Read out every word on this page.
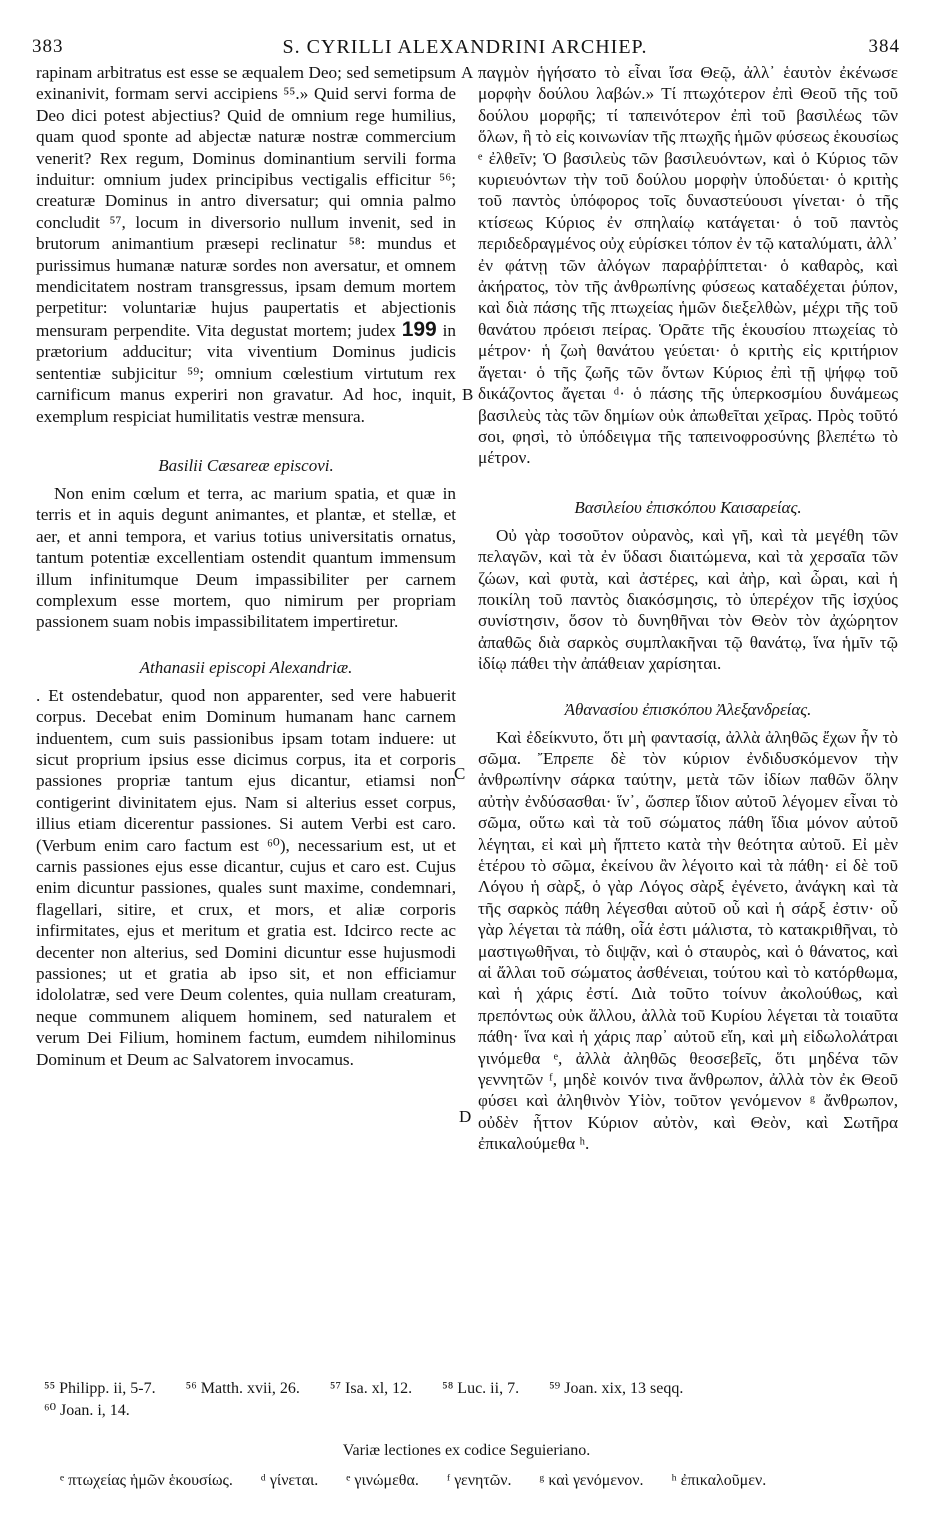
383	S. CYRILLI ALEXANDRINI ARCHIEP.	384
A
B
C
D

rapinam arbitratus est esse se æqualem Deo; sed semetipsum exinanivit, formam servi accipiens ⁵⁵.» Quid servi forma de Deo dici potest abjectius? Quid de omnium rege humilius, quam quod sponte ad abjectæ naturæ nostræ commercium venerit? Rex regum, Dominus dominantium servili forma induitur: omnium judex principibus vectigalis efficitur ⁵⁶; creaturæ Dominus in antro diversatur; qui omnia palmo concludit ⁵⁷, locum in diversorio nullum invenit, sed in brutorum animantium præsepi reclinatur ⁵⁸: mundus et purissimus humanæ naturæ sordes non aversatur, et omnem mendicitatem nostram transgressus, ipsam demum mortem perpetitur: voluntariæ hujus paupertatis et abjectionis mensuram perpendite. Vita degustat mortem; judex 199 in prætorium adducitur; vita viventium Dominus judicis sententiæ subjicitur ⁵⁹; omnium cœlestium virtutum rex carnificum manus experiri non gravatur. Ad hoc, inquit, exemplum respiciat humilitatis vestræ mensura.

Basilii Cæsareæ episcovi.

Non enim cœlum et terra, ac marium spatia, et quæ in terris et in aquis degunt animantes, et plantæ, et stellæ, et aer, et anni tempora, et varius totius universitatis ornatus, tantum potentiæ excellentiam ostendit quantum immensum illum infinitumque Deum impassibiliter per carnem complexum esse mortem, quo nimirum per propriam passionem suam nobis impassibilitatem impertiretur.

Athanasii episcopi Alexandriæ.

. Et ostendebatur, quod non apparenter, sed vere habuerit corpus. Decebat enim Dominum humanam hanc carnem induentem, cum suis passionibus ipsam totam induere: ut sicut proprium ipsius esse dicimus corpus, ita et corporis passiones propriæ tantum ejus dicantur, etiamsi non contigerint divinitatem ejus. Nam si alterius esset corpus, illius etiam dicerentur passiones. Si autem Verbi est caro. (Verbum enim caro factum est ⁶⁰), necessarium est, ut et carnis passiones ejus esse dicantur, cujus et caro est. Cujus enim dicuntur passiones, quales sunt maxime, condemnari, flagellari, sitire, et crux, et mors, et aliæ corporis infirmitates, ejus et meritum et gratia est. Idcirco recte ac decenter non alterius, sed Domini dicuntur esse hujusmodi passiones; ut et gratia ab ipso sit, et non efficiamur idololatræ, sed vere Deum colentes, quia nullam creaturam, neque communem aliquem hominem, sed naturalem et verum Dei Filium, hominem factum, eumdem nihilominus Dominum et Deum ac Salvatorem invocamus.

παγμὸν ἡγήσατο τὸ εἶναι ἴσα Θεῷ, ἀλλ᾽ ἑαυτὸν ἐκένωσε μορφὴν δούλου λαβών.» Τί πτωχότερον ἐπὶ Θεοῦ τῆς τοῦ δούλου μορφῆς; τί ταπεινότερον ἐπὶ τοῦ βασιλέως τῶν ὅλων, ἢ τὸ εἰς κοινωνίαν τῆς πτωχῆς ἡμῶν φύσεως ἑκουσίως ᵉ ἐλθεῖν; Ὁ βασιλεὺς τῶν βασιλευόντων, καὶ ὁ Κύριος τῶν κυριευόντων τὴν τοῦ δούλου μορφὴν ὑποδύεται· ὁ κριτὴς τοῦ παντὸς ὑπόφορος τοῖς δυναστεύουσι γίνεται· ὁ τῆς κτίσεως Κύριος ἐν σπηλαίῳ κατάγεται· ὁ τοῦ παντὸς περιδεδραγμένος οὐχ εὑρίσκει τόπον ἐν τῷ καταλύματι, ἀλλ᾽ ἐν φάτνῃ τῶν ἀλόγων παραῤῥίπτεται· ὁ καθαρὸς, καὶ ἀκήρατος, τὸν τῆς ἀνθρωπίνης φύσεως καταδέχεται ῥύπον, καὶ διὰ πάσης τῆς πτωχείας ἡμῶν διεξελθὼν, μέχρι τῆς τοῦ θανάτου πρόεισι πείρας. Ὁρᾶτε τῆς ἑκουσίου πτωχείας τὸ μέτρον· ἡ ζωὴ θανάτου γεύεται· ὁ κριτὴς εἰς κριτήριον ἄγεται· ὁ τῆς ζωῆς τῶν ὄντων Κύριος ἐπὶ τῇ ψήφῳ τοῦ δικάζοντος ἄγεται ᵈ· ὁ πάσης τῆς ὑπερκοσμίου δυνάμεως βασιλεὺς τὰς τῶν δημίων οὐκ ἀπωθεῖται χεῖρας. Πρὸς τοῦτό σοι, φησὶ, τὸ ὑπόδειγμα τῆς ταπεινοφροσύνης βλεπέτω τὸ μέτρον.

Βασιλείου ἐπισκόπου Καισαρείας.

Οὐ γὰρ τοσοῦτον οὐρανὸς, καὶ γῆ, καὶ τὰ μεγέθη τῶν πελαγῶν, καὶ τὰ ἐν ὕδασι διαιτώμενα, καὶ τὰ χερσαῖα τῶν ζώων, καὶ φυτὰ, καὶ ἀστέρες, καὶ ἀὴρ, καὶ ὧραι, καὶ ἡ ποικίλη τοῦ παντὸς διακόσμησις, τὸ ὑπερέχον τῆς ἰσχύος συνίστησιν, ὅσον τὸ δυνηθῆναι τὸν Θεὸν τὸν ἀχώρητον ἀπαθῶς διὰ σαρκὸς συμπλακῆναι τῷ θανάτῳ, ἵνα ἡμῖν τῷ ἰδίῳ πάθει τὴν ἀπάθειαν χαρίσηται.

Ἀθανασίου ἐπισκόπου Ἀλεξανδρείας.

Καὶ ἐδείκνυτο, ὅτι μὴ φαντασίᾳ, ἀλλὰ ἀληθῶς ἔχων ἦν τὸ σῶμα. Ἔπρεπε δὲ τὸν κύριον ἐνδιδυσκόμενον τὴν ἀνθρωπίνην σάρκα ταύτην, μετὰ τῶν ἰδίων παθῶν ὅλην αὐτὴν ἐνδύσασθαι· ἵν᾽, ὥσπερ ἴδιον αὐτοῦ λέγομεν εἶναι τὸ σῶμα, οὕτω καὶ τὰ τοῦ σώματος πάθη ἴδια μόνον αὐτοῦ λέγηται, εἰ καὶ μὴ ἥπτετο κατὰ τὴν θεότητα αὐτοῦ. Εἰ μὲν ἑτέρου τὸ σῶμα, ἐκείνου ἂν λέγοιτο καὶ τὰ πάθη· εἰ δὲ τοῦ Λόγου ἡ σὰρξ, ὁ γὰρ Λόγος σὰρξ ἐγένετο, ἀνάγκη καὶ τὰ τῆς σαρκὸς πάθη λέγεσθαι αὐτοῦ οὗ καὶ ἡ σάρξ ἐστιν· οὗ γὰρ λέγεται τὰ πάθη, οἷά ἐστι μάλιστα, τὸ κατακριθῆναι, τὸ μαστιγωθῆναι, τὸ διψᾷν, καὶ ὁ σταυρὸς, καὶ ὁ θάνατος, καὶ αἱ ἄλλαι τοῦ σώματος ἀσθένειαι, τούτου καὶ τὸ κατόρθωμα, καὶ ἡ χάρις ἐστί. Διὰ τοῦτο τοίνυν ἀκολούθως, καὶ πρεπόντως οὐκ ἄλλου, ἀλλὰ τοῦ Κυρίου λέγεται τὰ τοιαῦτα πάθη· ἵνα καὶ ἡ χάρις παρ᾽ αὐτοῦ εἴη, καὶ μὴ εἰδωλολάτραι γινόμεθα ᵉ, ἀλλὰ ἀληθῶς θεοσεβεῖς, ὅτι μηδένα τῶν γεννητῶν ᶠ, μηδὲ κοινόν τινα ἄνθρωπον, ἀλλὰ τὸν ἐκ Θεοῦ φύσει καὶ ἀληθινὸν Υἱὸν, τοῦτον γενόμενον ᵍ ἄνθρωπον, οὐδὲν ἧττον Κύριον αὐτὸν, καὶ Θεὸν, καὶ Σωτῆρα ἐπικαλούμεθα ʰ.

⁵⁵ Philipp. ii, 5-7. ⁵⁶ Matth. xvii, 26. ⁵⁷ Isa. xl, 12. ⁵⁸ Luc. ii, 7. ⁵⁹ Joan. xix, 13 seqq.
⁶⁰ Joan. i, 14.
Variæ lectiones ex codice Seguieriano.
ᵉ πτωχείας ἡμῶν ἑκουσίως. ᵈ γίνεται. ᵉ γινώμεθα. ᶠ γενητῶν. ᵍ καὶ γενόμενον. ʰ ἐπικαλοῦμεν.
